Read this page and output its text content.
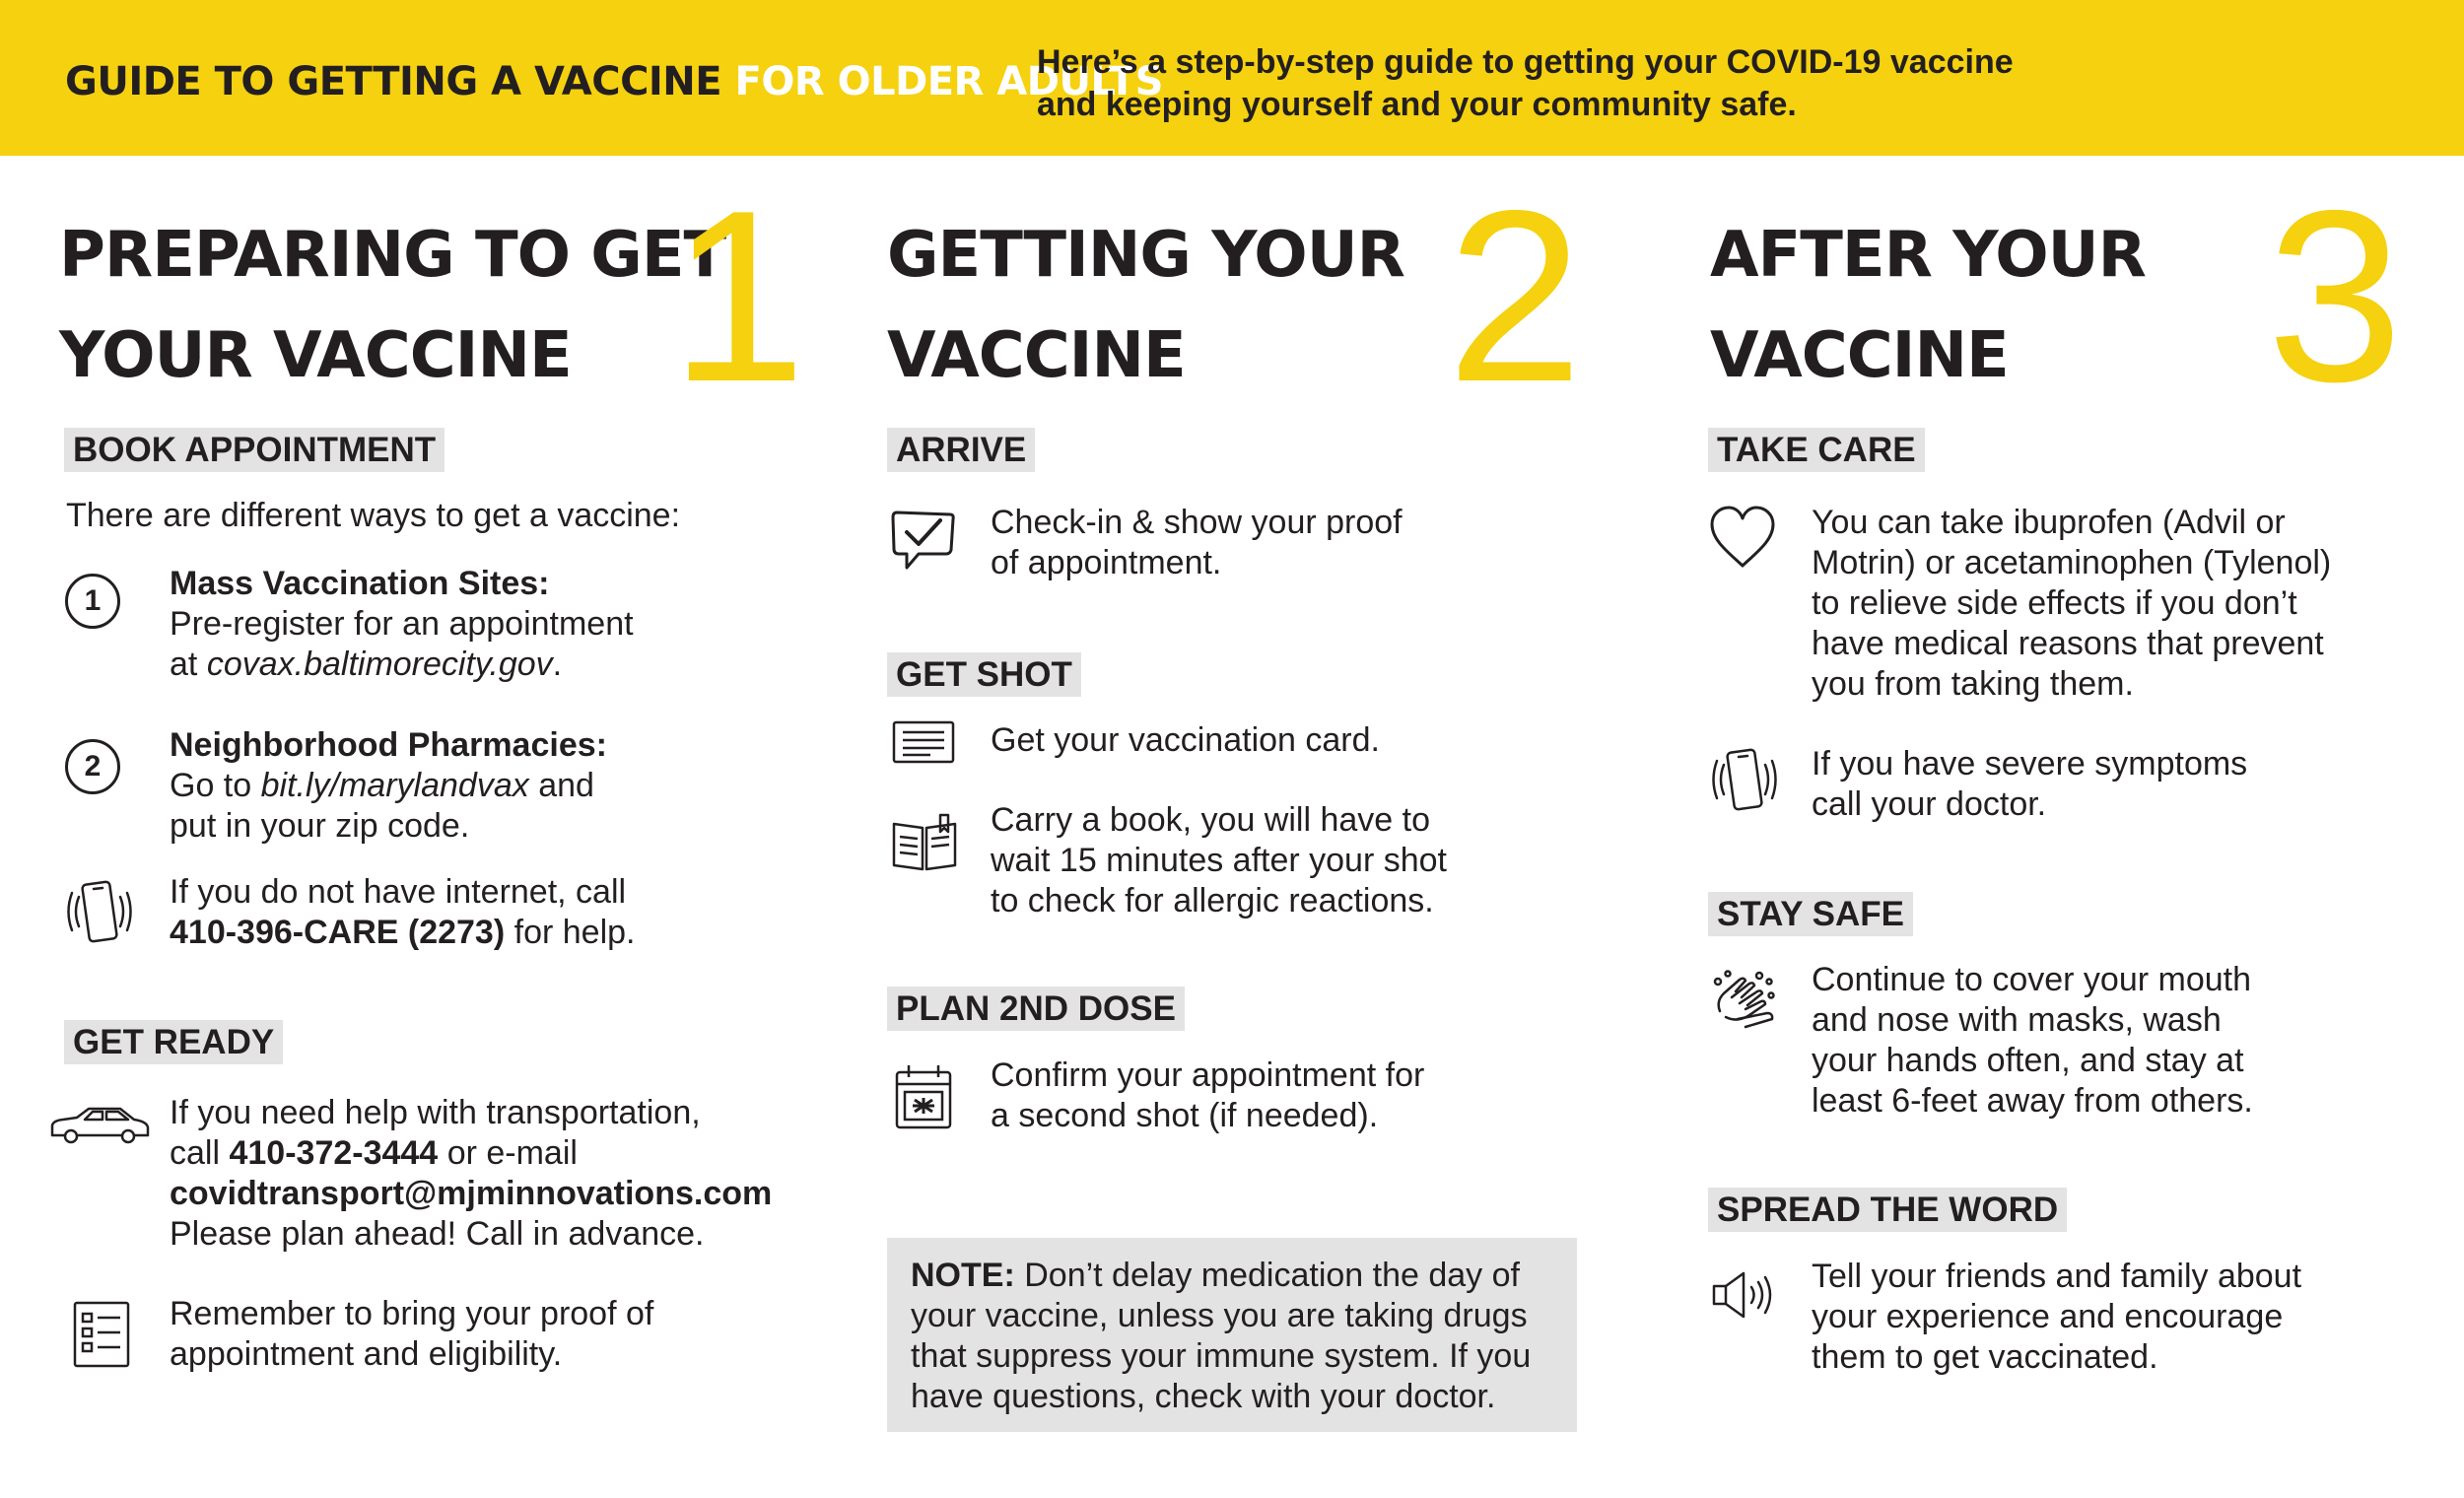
GUIDE TO GETTING A VACCINE FOR OLDER ADULTS
Here’s a step-by-step guide to getting your COVID-19 vaccine
and keeping yourself and your community safe.
PREPARING TO GET
YOUR VACCINE 1
BOOK APPOINTMENT
There are different ways to get a vaccine:
1	Mass Vaccination Sites:
Pre-register for an appointment
at covax.baltimorecity.gov.
2
Neighborhood Pharmacies:
Go to bit.ly/marylandvax and
put in your zip code.
If you do not have internet, call
410-396-CARE (2273) for help.
GET READY
If you need help with transportation,
call 410-372-3444 or e-mail
covidtransport@mjminnovations.com
Please plan ahead! Call in advance.
Remember to bring your proof of
appointment and eligibility.
GETTING YOUR
VACCINE	2
ARRIVE
Check-in & show your proof
of appointment.
GET SHOT
Get your vaccination card.
Carry a book, you will have to
wait 15 minutes after your shot
to check for allergic reactions.
PLAN 2ND DOSE
Confirm your appointment for
a second shot (if needed).
NOTE: Don’t delay medication the day of
your vaccine, unless you are taking drugs
that suppress your immune system. If you
have questions, check with your doctor.
AFTER YOUR
VACCINE	3
TAKE CARE
You can take ibuprofen (Advil or
Motrin) or acetaminophen (Tylenol)
to relieve side effects if you don’t
have medical reasons that prevent
you from taking them.
If you have severe symptoms
call your doctor.
STAY SAFE
Continue to cover your mouth
and nose with masks, wash
your hands often, and stay at
least 6-feet away from others.
SPREAD THE WORD
Tell your friends and family about
your experience and encourage
them to get vaccinated.
